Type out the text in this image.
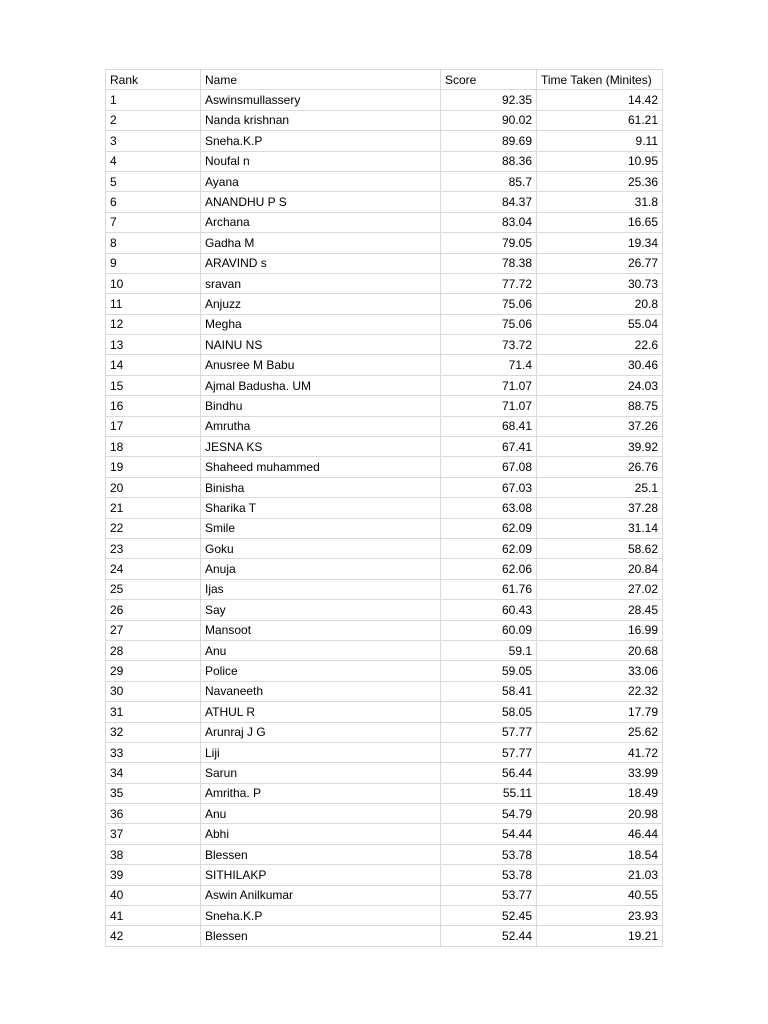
Rank	Name	Score	Time Taken (Minites)
1	Aswinsmullassery	92.35	14.42
2	Nanda krishnan	90.02	61.21
3	Sneha.K.P	89.69	9.11
4	Noufal n	88.36	10.95
5	Ayana	85.7	25.36
6	ANANDHU P S	84.37	31.8
7	Archana	83.04	16.65
8	Gadha M	79.05	19.34
9	ARAVIND s	78.38	26.77
10	sravan	77.72	30.73
11	Anjuzz	75.06	20.8
12	Megha	75.06	55.04
13	NAINU NS	73.72	22.6
14	Anusree M Babu	71.4	30.46
15	Ajmal Badusha. UM	71.07	24.03
16	Bindhu	71.07	88.75
17	Amrutha	68.41	37.26
18	JESNA KS	67.41	39.92
19	Shaheed muhammed	67.08	26.76
20	Binisha	67.03	25.1
21	Sharika T	63.08	37.28
22	Smile	62.09	31.14
23	Goku	62.09	58.62
24	Anuja	62.06	20.84
25	Ijas	61.76	27.02
26	Say	60.43	28.45
27	Mansoot	60.09	16.99
28	Anu	59.1	20.68
29	Police	59.05	33.06
30	Navaneeth	58.41	22.32
31	ATHUL R	58.05	17.79
32	Arunraj J G	57.77	25.62
33	Liji	57.77	41.72
34	Sarun	56.44	33.99
35	Amritha. P	55.11	18.49
36	Anu	54.79	20.98
37	Abhi	54.44	46.44
38	Blessen	53.78	18.54
39	SITHILAKP	53.78	21.03
40	Aswin Anilkumar	53.77	40.55
41	Sneha.K.P	52.45	23.93
42	Blessen	52.44	19.21
